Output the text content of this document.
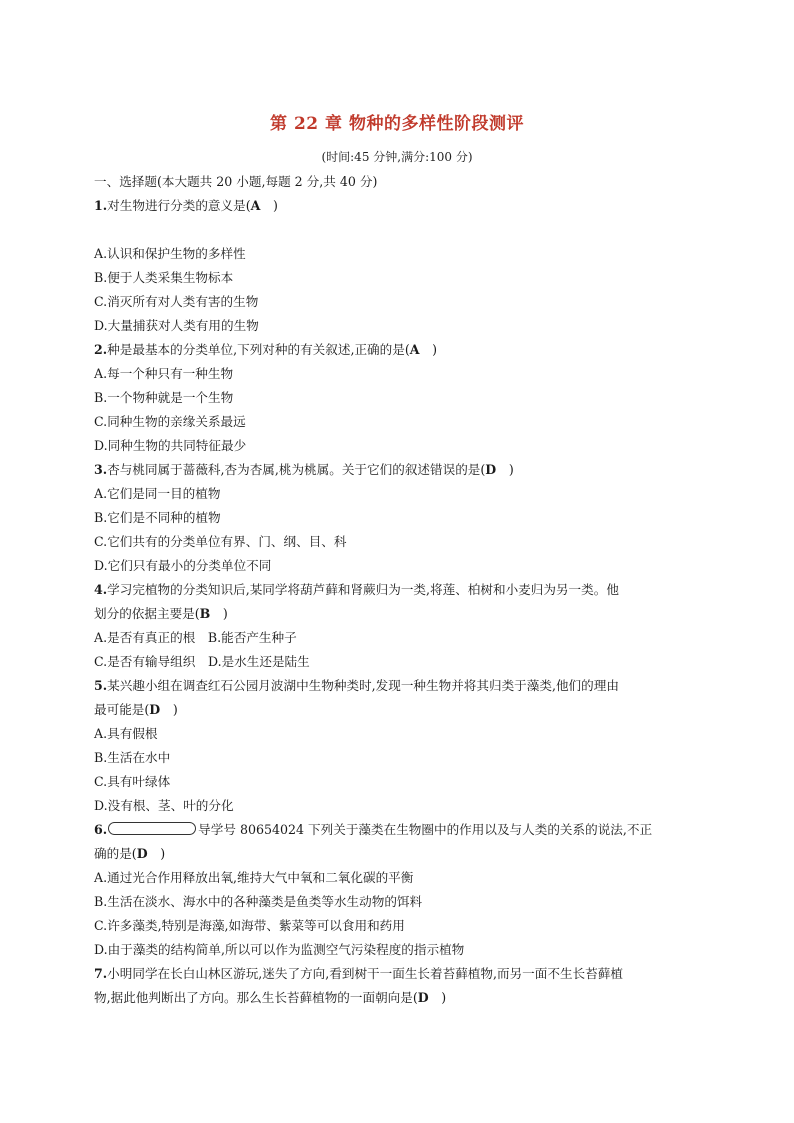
第 22 章 物种的多样性阶段测评
(时间:45 分钟,满分:100 分)
一、选择题(本大题共 20 小题,每题 2 分,共 40 分)
1.对生物进行分类的意义是(A　)
A.认识和保护生物的多样性
B.便于人类采集生物标本
C.消灭所有对人类有害的生物
D.大量捕获对人类有用的生物
2.种是最基本的分类单位,下列对种的有关叙述,正确的是(A　)
A.每一个种只有一种生物
B.一个物种就是一个生物
C.同种生物的亲缘关系最远
D.同种生物的共同特征最少
3.杏与桃同属于蔷薇科,杏为杏属,桃为桃属。关于它们的叙述错误的是(D　)
A.它们是同一目的植物
B.它们是不同种的植物
C.它们共有的分类单位有界、门、纲、目、科
D.它们只有最小的分类单位不同
4.学习完植物的分类知识后,某同学将葫芦藓和肾蕨归为一类,将莲、柏树和小麦归为另一类。他
划分的依据主要是(B　)
A.是否有真正的根　B.能否产生种子
C.是否有输导组织　D.是水生还是陆生
5.某兴趣小组在调查红石公园月波湖中生物种类时,发现一种生物并将其归类于藻类,他们的理由
最可能是(D　)
A.具有假根
B.生活在水中
C.具有叶绿体
D.没有根、茎、叶的分化
6.	导学号 80654024 下列关于藻类在生物圈中的作用以及与人类的关系的说法,不正
确的是(D　)
A.通过光合作用释放出氧,维持大气中氧和二氧化碳的平衡
B.生活在淡水、海水中的各种藻类是鱼类等水生动物的饵料
C.许多藻类,特别是海藻,如海带、紫菜等可以食用和药用
D.由于藻类的结构简单,所以可以作为监测空气污染程度的指示植物
7.小明同学在长白山林区游玩,迷失了方向,看到树干一面生长着苔藓植物,而另一面不生长苔藓植
物,据此他判断出了方向。那么生长苔藓植物的一面朝向是(D　)
